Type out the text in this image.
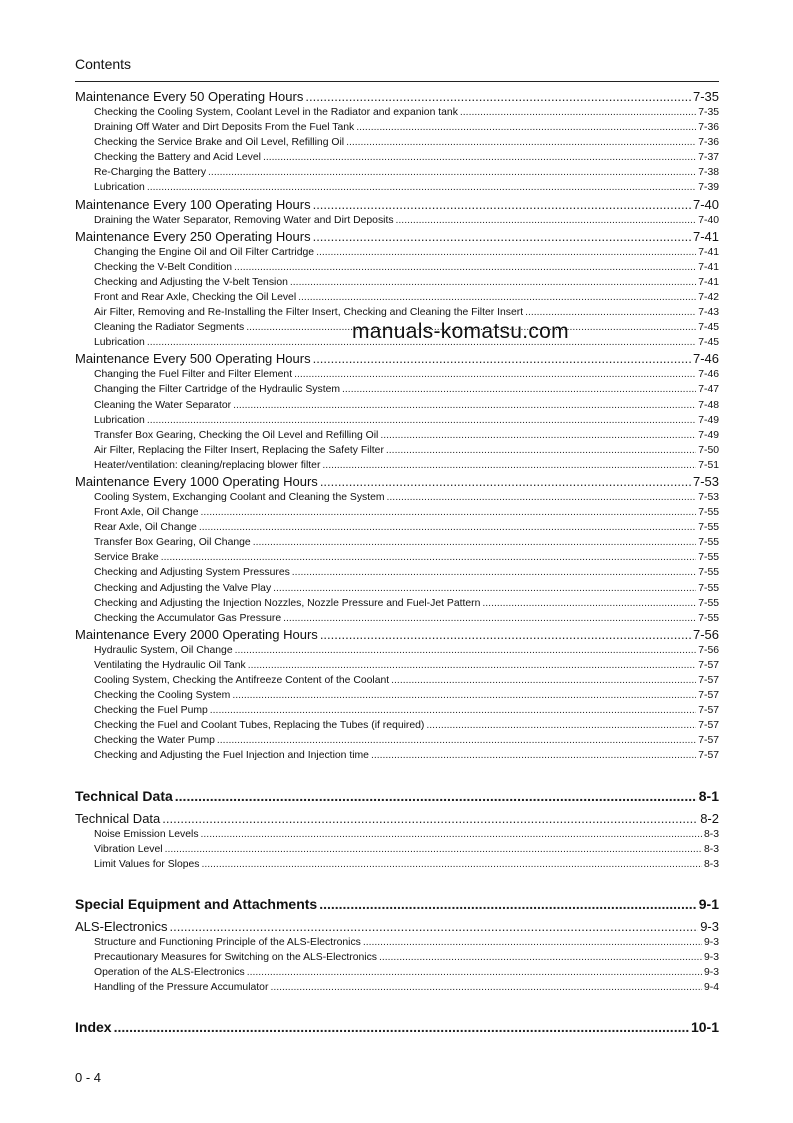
Contents
Maintenance Every 50 Operating Hours .....	7-35
Checking the Cooling System, Coolant Level in the Radiator and expanion tank .....	7-35
Draining Off Water and Dirt Deposits From the Fuel Tank .....	7-36
Checking the Service Brake and Oil Level, Refilling Oil .....	7-36
Checking the Battery and Acid Level .....	7-37
Re-Charging the Battery .....	7-38
Lubrication .....	7-39
Maintenance Every 100 Operating Hours .....	7-40
Draining the Water Separator, Removing Water and Dirt Deposits .....	7-40
Maintenance Every 250 Operating Hours .....	7-41
Changing the Engine Oil and Oil Filter Cartridge .....	7-41
Checking the V-Belt Condition .....	7-41
Checking and Adjusting the V-belt Tension .....	7-41
Front and Rear Axle, Checking the Oil Level .....	7-42
Air Filter, Removing and Re-Installing the Filter Insert, Checking and Cleaning the Filter Insert .....	7-43
Cleaning the Radiator Segments .....	7-45
Lubrication .....	7-45
Maintenance Every 500 Operating Hours .....	7-46
Changing the Fuel Filter and Filter Element .....	7-46
Changing the Filter Cartridge of the Hydraulic System .....	7-47
Cleaning the Water Separator .....	7-48
Lubrication .....	7-49
Transfer Box Gearing, Checking the Oil Level and Refilling Oil .....	7-49
Air Filter, Replacing the Filter Insert, Replacing the Safety Filter .....	7-50
Heater/ventilation: cleaning/replacing blower filter .....	7-51
Maintenance Every 1000 Operating Hours .....	7-53
Cooling System, Exchanging Coolant and Cleaning the System .....	7-53
Front Axle, Oil Change .....	7-55
Rear Axle, Oil Change .....	7-55
Transfer Box Gearing, Oil Change .....	7-55
Service Brake .....	7-55
Checking and Adjusting System Pressures .....	7-55
Checking and Adjusting the Valve Play .....	7-55
Checking and Adjusting the Injection Nozzles, Nozzle Pressure and Fuel-Jet Pattern .....	7-55
Checking the Accumulator Gas Pressure .....	7-55
Maintenance Every 2000 Operating Hours .....	7-56
Hydraulic System, Oil Change .....	7-56
Ventilating the Hydraulic Oil Tank .....	7-57
Cooling System, Checking the Antifreeze Content of the Coolant .....	7-57
Checking the Cooling System .....	7-57
Checking the Fuel Pump .....	7-57
Checking the Fuel and Coolant Tubes, Replacing the Tubes (if required) .....	7-57
Checking the Water Pump .....	7-57
Checking and Adjusting the Fuel Injection and Injection time .....	7-57
Technical Data .....	8-1
Technical Data .....	8-2
Noise Emission Levels .....	8-3
Vibration Level .....	8-3
Limit Values for Slopes .....	8-3
Special Equipment and Attachments .....	9-1
ALS-Electronics .....	9-3
Structure and Functioning Principle of the ALS-Electronics .....	9-3
Precautionary Measures for Switching on the ALS-Electronics .....	9-3
Operation of the ALS-Electronics .....	9-3
Handling of the Pressure Accumulator .....	9-4
Index .....	10-1
manuals-komatsu.com
0 - 4
